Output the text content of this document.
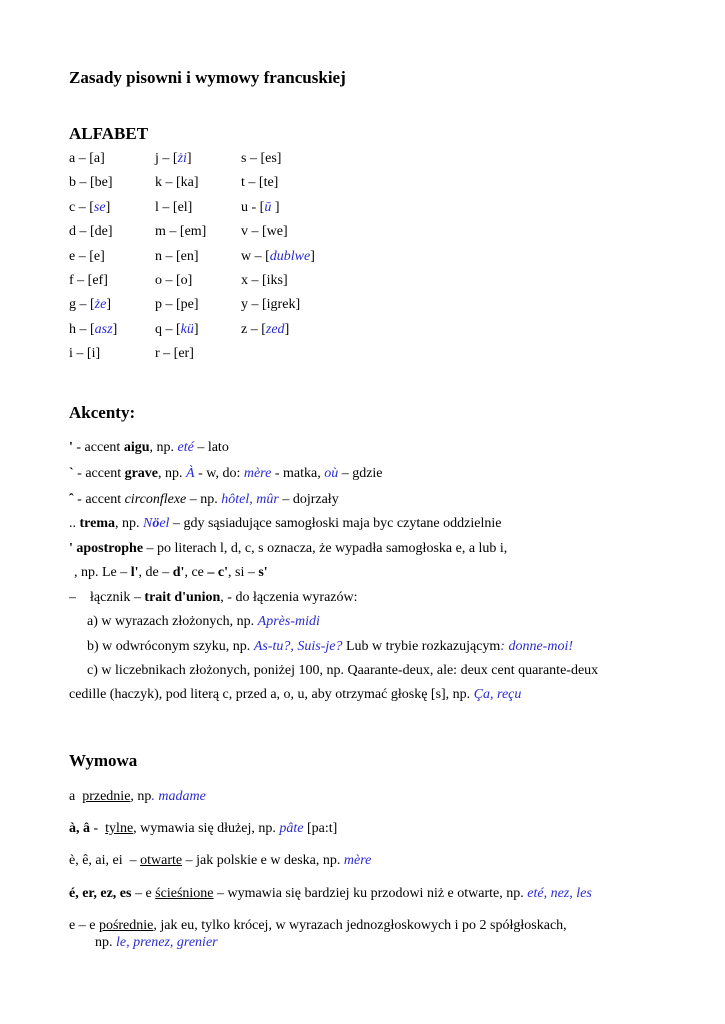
Zasady pisowni i wymowy francuskiej
ALFABET
a – [a]
b – [be]
c – [se]
d – [de]
e – [e]
f – [ef]
g – [że]
h – [asz]
i – [i]
j – [żi]
k – [ka]
l – [el]
m – [em]
n – [en]
o – [o]
p – [pe]
q – [kü]
r – [er]
s – [es]
t – [te]
u - [ū ]
v – [we]
w – [dublwe]
x – [iks]
y – [igrek]
z – [zed]
Akcenty:
' - accent aigu, np. eté – lato
` - accent grave, np. À - w, do: mère - matka, où – gdzie
ˆ - accent circonflexe – np. hôtel, mûr – dojrzały
.. trema, np. Nöel – gdy sąsiadujące samogłoski maja byc czytane oddzielnie
' apostrophe – po literach l, d, c, s oznacza, że wypadła samogłoska e, a lub i,
, np. Le – l', de – d', ce – c', si – s'
–    łącznik – trait d'union, - do łączenia wyrazów:
a) w wyrazach złożonych, np. Après-midi
b) w odwróconym szyku, np. As-tu?, Suis-je? Lub w trybie rozkazującym: donne-moi!
c) w liczebnikach złożonych, poniżej 100, np. Qaarante-deux, ale: deux cent quarante-deux
cedille (haczyk), pod literą c, przed a, o, u, aby otrzymać głoskę [s], np. Ça, reçu
Wymowa
a  przednie, np. madame
à, â -  tylne, wymawia się dłużej, np. pâte [pa:t]
è, ê, ai, ei  – otwarte – jak polskie e w deska, np. mère
é, er, ez, es – e ścieśnione – wymawia się bardziej ku przodowi niż e otwarte, np. eté, nez, les
e – e pośrednie, jak eu, tylko krócej, w wyrazach jednozgłoskowych i po 2 spółgłoskach,
np. le, prenez, grenier
